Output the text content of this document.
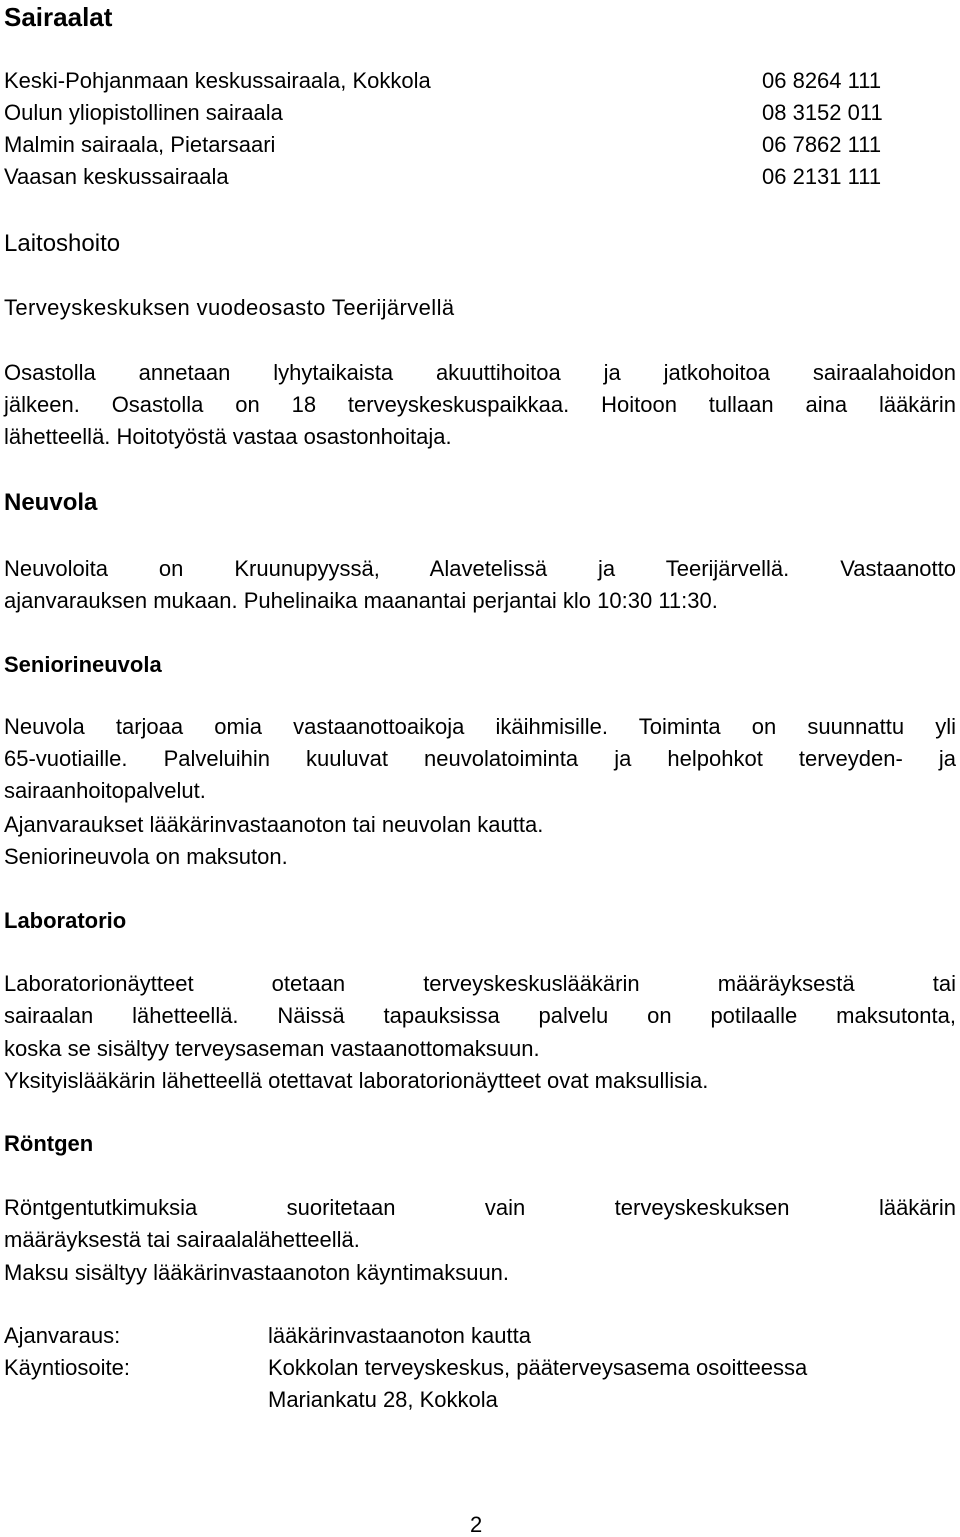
Sairaalat
Keski-Pohjanmaan keskussairaala, Kokkola	06 8264 111
Oulun yliopistollinen sairaala	08 3152 011
Malmin sairaala, Pietarsaari	06 7862 111
Vaasan keskussairaala	06 2131 111
Laitoshoito
Terveyskeskuksen vuodeosasto Teerijärvellä
Osastolla annetaan lyhytaikaista akuuttihoitoa ja jatkohoitoa sairaalahoidon
jälkeen. Osastolla on 18 terveyskeskuspaikkaa. Hoitoon tullaan aina lääkärin
lähetteellä. Hoitotyöstä vastaa osastonhoitaja.
Neuvola
Neuvoloita on Kruunupyyssä, Alavetelissä ja Teerijärvellä. Vastaanotto
ajanvarauksen mukaan. Puhelinaika maanantai perjantai klo 10:30 11:30.
Seniorineuvola
Neuvola tarjoaa omia vastaanottoaikoja ikäihmisille. Toiminta on suunnattu yli
65-vuotiaille. Palveluihin kuuluvat neuvolatoiminta ja helpohkot terveyden- ja
sairaanhoitopalvelut.
Ajanvaraukset lääkärinvastaanoton tai neuvolan kautta.
Seniorineuvola on maksuton.
Laboratorio
Laboratorionäytteet otetaan terveyskeskuslääkärin määräyksestä tai
sairaalan lähetteellä. Näissä tapauksissa palvelu on potilaalle maksutonta,
koska se sisältyy terveysaseman vastaanottomaksuun.
Yksityislääkärin lähetteellä otettavat laboratorionäytteet ovat maksullisia.
Röntgen
Röntgentutkimuksia suoritetaan vain terveyskeskuksen lääkärin
määräyksestä tai sairaalalähetteellä.
Maksu sisältyy lääkärinvastaanoton käyntimaksuun.
Ajanvaraus:	lääkärinvastaanoton kautta
Käyntiosoite:	Kokkolan terveyskeskus, pääterveysasema osoitteessa
Mariankatu 28, Kokkola
2
